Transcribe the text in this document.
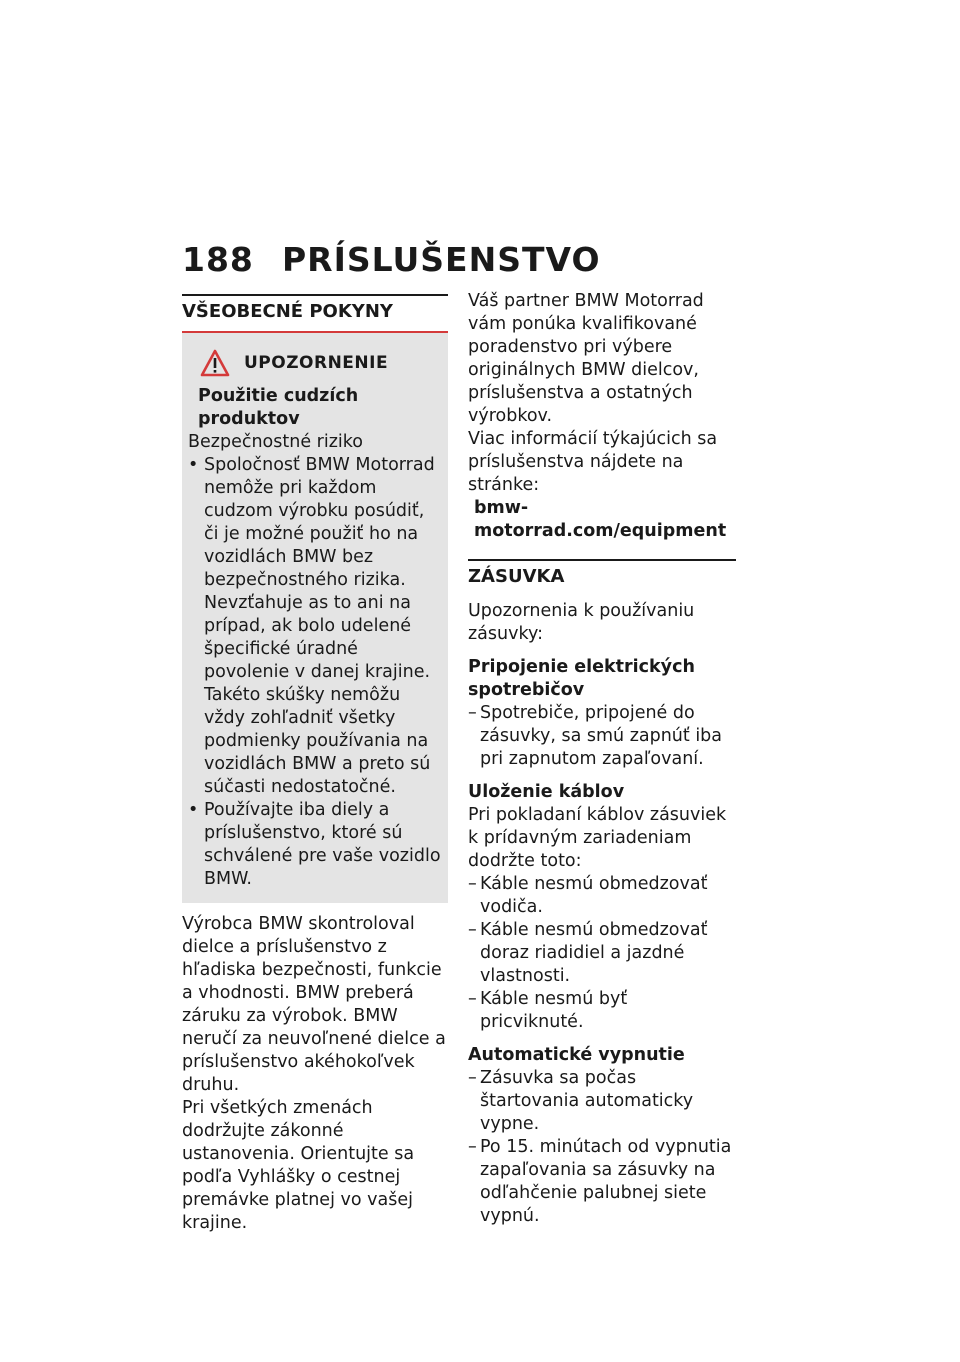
188 PRÍSLUŠENSTVO
VŠEOBECNÉ POKYNY
UPOZORNENIE
Použitie cudzích produktov
Bezpečnostné riziko
• Spoločnosť BMW Motorrad nemôže pri každom cudzom výrobku posúdiť, či je možné použiť ho na vozidlách BMW bez bezpečnostného rizika. Nevzťahuje as to ani na prípad, ak bolo udelené špecifické úradné povolenie v danej krajine. Takéto skúšky nemôžu vždy zohľadniť všetky podmienky používania na vozidlách BMW a preto sú súčasti nedostatočné.
• Používajte iba diely a príslušenstvo, ktoré sú schválené pre vaše vozidlo BMW.

Výrobca BMW skontroloval dielce a príslušenstvo z hľadiska bezpečnosti, funkcie a vhodnosti. BMW preberá záruku za výrobok. BMW neručí za neuvoľnené dielce a príslušenstvo akéhokoľvek druhu.

Pri všetkých zmenách dodržujte zákonné ustanovenia. Orientujte sa podľa Vyhlášky o cestnej premávke platnej vo vašej krajine.

Váš partner BMW Motorrad vám ponúka kvalifikované poradenstvo pri výbere originálnych BMW dielcov, príslušenstva a ostatných výrobkov.

Viac informácií týkajúcich sa príslušenstva nájdete na stránke:

bmw-motorrad.com/equipment

ZÁSUVKA

Upozornenia k používaniu zásuvky:

Pripojenie elektrických spotrebičov

– Spotrebiče, pripojené do zásuvky, sa smú zapnúť iba pri zapnutom zapaľovaní.

Uloženie káblov

Pri pokladaní káblov zásuviek k prídavným zariadeniam dodržte toto:

– Káble nesmú obmedzovať vodiča.
– Káble nesmú obmedzovať doraz riadidiel a jazdné vlastnosti.
– Káble nesmú byť pricviknuté.

Automatické vypnutie

– Zásuvka sa počas štartovania automaticky vypne.
– Po 15. minútach od vypnutia zapaľovania sa zásuvky na odľahčenie palubnej siete vypnú.
